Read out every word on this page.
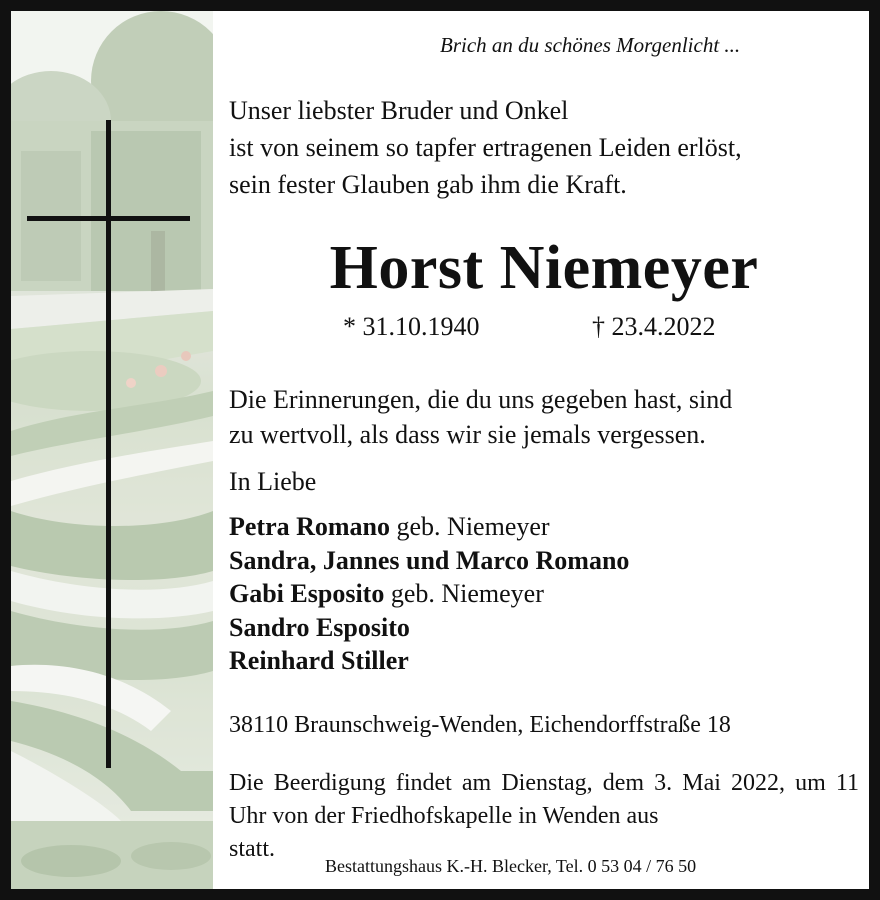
Brich an du schönes Morgenlicht ...
Unser liebster Bruder und Onkel
ist von seinem so tapfer ertragenen Leiden erlöst,
sein fester Glauben gab ihm die Kraft.
Horst Niemeyer
* 31.10.1940	† 23.4.2022
Die Erinnerungen, die du uns gegeben hast, sind
zu wertvoll, als dass wir sie jemals vergessen.
In Liebe
Petra Romano geb. Niemeyer
Sandra, Jannes und Marco Romano
Gabi Esposito geb. Niemeyer
Sandro Esposito
Reinhard Stiller
38110 Braunschweig-Wenden, Eichendorffstraße 18
Die Beerdigung findet am Dienstag, dem 3. Mai 2022, um 11 Uhr von der Friedhofskapelle in Wenden aus
statt.
Bestattungshaus K.-H. Blecker, Tel. 0 53 04 / 76 50
